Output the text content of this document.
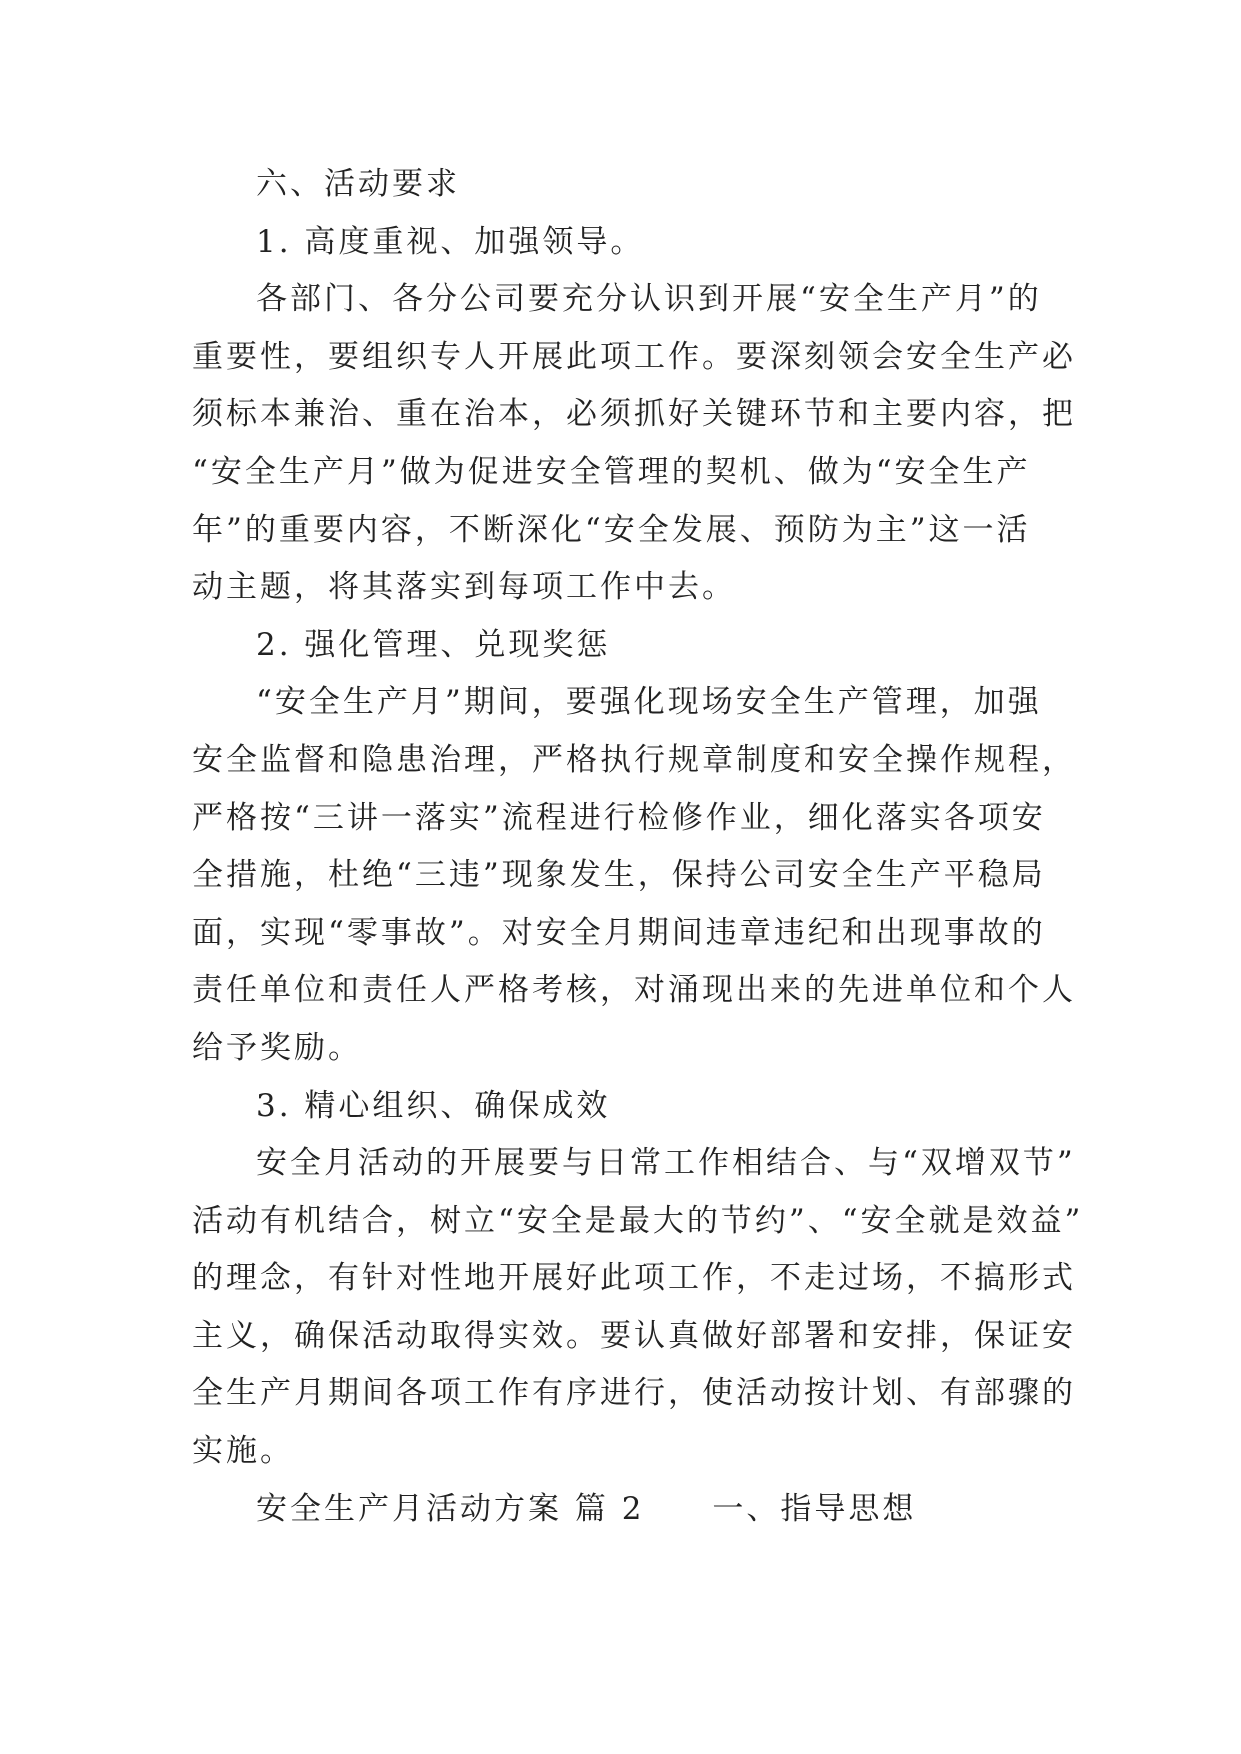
六、活动要求
1. 高度重视、加强领导。
各部门、各分公司要充分认识到开展“安全生产月”的
重要性，要组织专人开展此项工作。要深刻领会安全生产必
须标本兼治、重在治本，必须抓好关键环节和主要内容，把
“安全生产月”做为促进安全管理的契机、做为“安全生产
年”的重要内容，不断深化“安全发展、预防为主”这一活
动主题，将其落实到每项工作中去。
2. 强化管理、兑现奖惩
“安全生产月”期间，要强化现场安全生产管理，加强
安全监督和隐患治理，严格执行规章制度和安全操作规程，
严格按“三讲一落实”流程进行检修作业，细化落实各项安
全措施，杜绝“三违”现象发生，保持公司安全生产平稳局
面，实现“零事故”。对安全月期间违章违纪和出现事故的
责任单位和责任人严格考核，对涌现出来的先进单位和个人
给予奖励。
3. 精心组织、确保成效
安全月活动的开展要与日常工作相结合、与“双增双节”
活动有机结合，树立“安全是最大的节约”、“安全就是效益”
的理念，有针对性地开展好此项工作，不走过场，不搞形式
主义，确保活动取得实效。要认真做好部署和安排，保证安
全生产月期间各项工作有序进行，使活动按计划、有部骤的
实施。
安全生产月活动方案 篇 2　　一、指导思想
